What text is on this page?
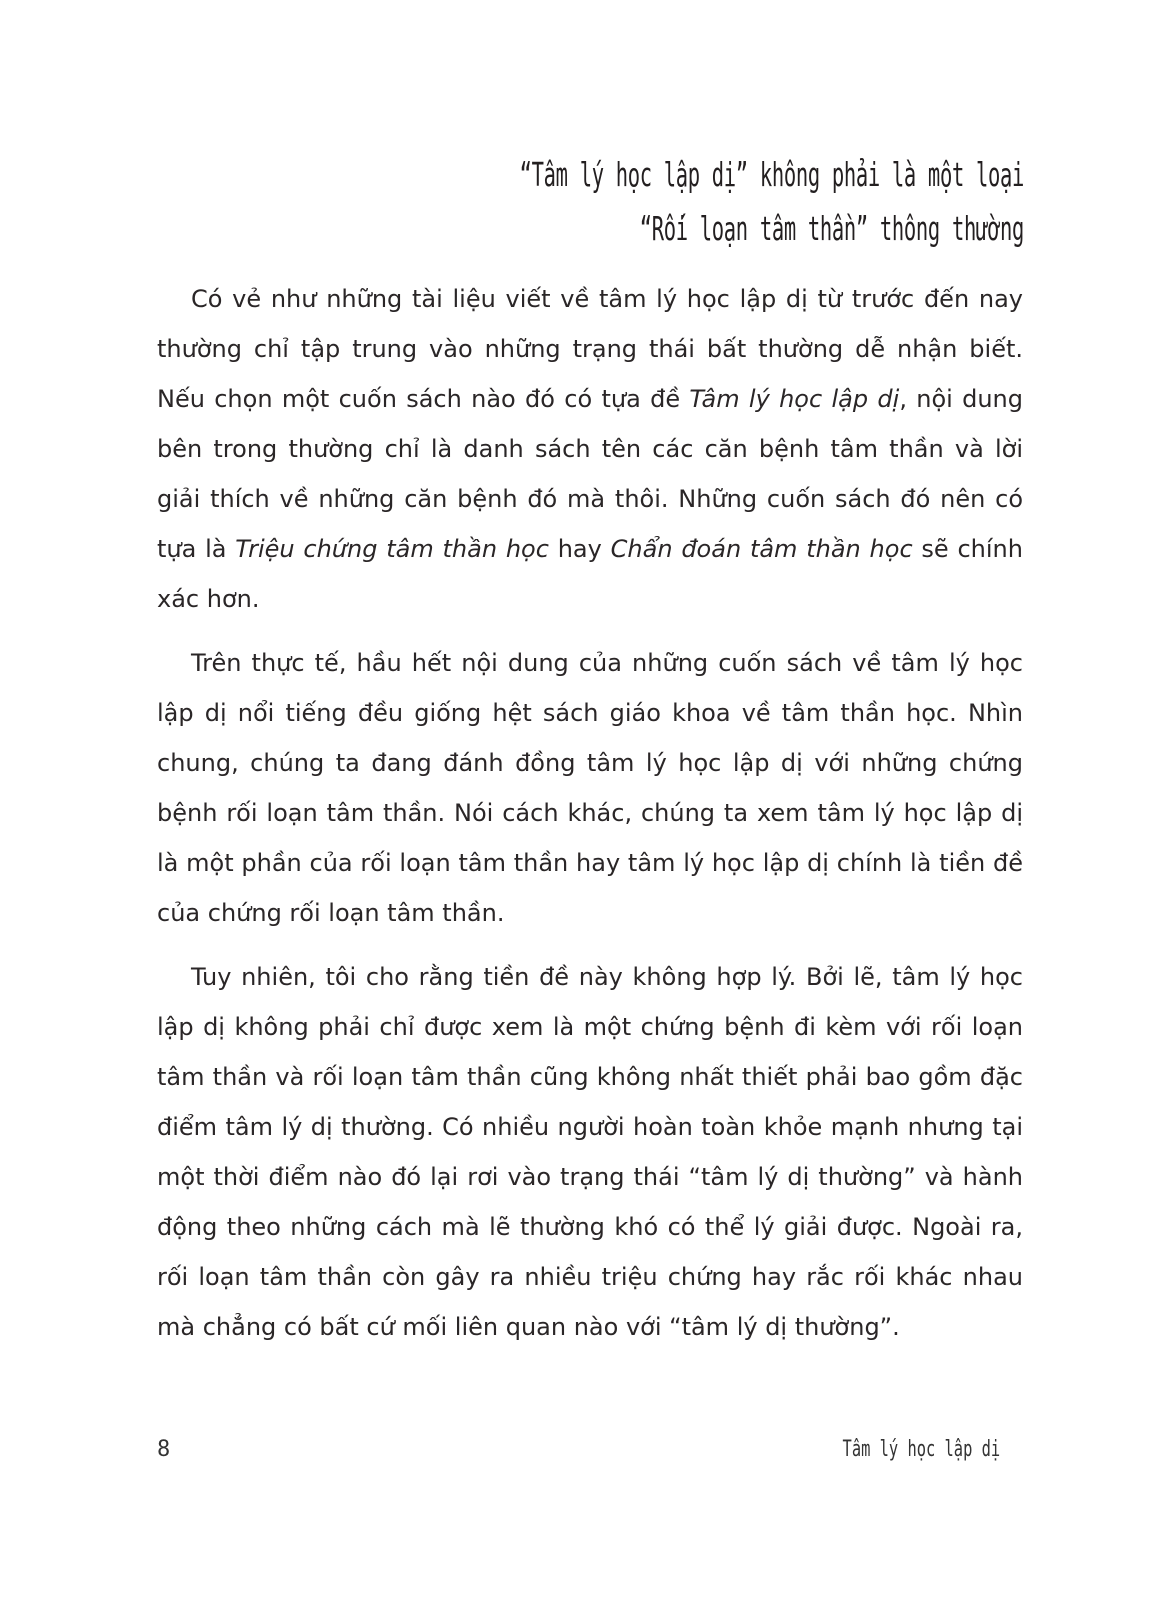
“Tâm lý học lập dị” không phải là một loại
“Rối loạn tâm thần” thông thường

Có vẻ như những tài liệu viết về tâm lý học lập dị từ trước đến nay thường chỉ tập trung vào những trạng thái bất thường dễ nhận biết. Nếu chọn một cuốn sách nào đó có tựa đề Tâm lý học lập dị, nội dung bên trong thường chỉ là danh sách tên các căn bệnh tâm thần và lời giải thích về những căn bệnh đó mà thôi. Những cuốn sách đó nên có tựa là Triệu chứng tâm thần học hay Chẩn đoán tâm thần học sẽ chính xác hơn.

Trên thực tế, hầu hết nội dung của những cuốn sách về tâm lý học lập dị nổi tiếng đều giống hệt sách giáo khoa về tâm thần học. Nhìn chung, chúng ta đang đánh đồng tâm lý học lập dị với những chứng bệnh rối loạn tâm thần. Nói cách khác, chúng ta xem tâm lý học lập dị là một phần của rối loạn tâm thần hay tâm lý học lập dị chính là tiền đề của chứng rối loạn tâm thần.

Tuy nhiên, tôi cho rằng tiền đề này không hợp lý. Bởi lẽ, tâm lý học lập dị không phải chỉ được xem là một chứng bệnh đi kèm với rối loạn tâm thần và rối loạn tâm thần cũng không nhất thiết phải bao gồm đặc điểm tâm lý dị thường. Có nhiều người hoàn toàn khỏe mạnh nhưng tại một thời điểm nào đó lại rơi vào trạng thái “tâm lý dị thường” và hành động theo những cách mà lẽ thường khó có thể lý giải được. Ngoài ra, rối loạn tâm thần còn gây ra nhiều triệu chứng hay rắc rối khác nhau mà chẳng có bất cứ mối liên quan nào với “tâm lý dị thường”.

8	Tâm lý học lập dị
